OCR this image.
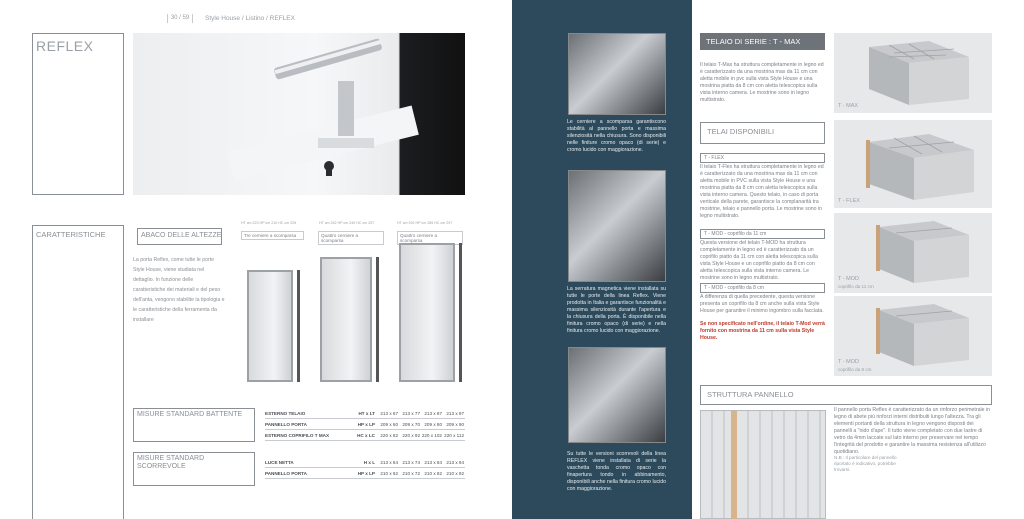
30 / 59	Style House / Listino / REFLEX
REFLEX
CARATTERISTICHE	ABACO DELLE ALTEZZE
La porta Reflex, come tutte le porte Style House, viene studiata nel dettaglio. In funzione delle caratteristiche dei materiali e del peso dell'anta, vengono stabilite la tipologia e le caratteristiche della ferramenta da installare
HT cm 223 HP cm 210 HC cm 225
Tre cerniere a scomparsa
HT cm 252 HP cm 240 HC cm 257
Quattro cerniere a scomparsa
HT cm 292 HP cm 285 HC cm 297
Quattro cerniere a scomparsa
MISURE STANDARD BATTENTE	ESTERNO TELAIO	HT x LT	213 x 67 213 x 77 213 x 87 213 x 97
PANNELLO PORTA	HP x LP	209 x 60 209 x 70 209 x 80 209 x 90
ESTERNO COPRIFILO T MAX	HC x LC	220 x 82 220 x 92 220 x 102 220 x 112
MISURE STANDARD SCORREVOLE
LUCE NETTA	H x L	213 x 64 213 x 74 213 x 84 213 x 94
PANNELLO PORTA	HP x LP	210 x 62 210 x 72 210 x 82 210 x 92
Le cerniere a scomparsa garantiscono stabilità al pannello porta e massima silenziosità nella chiusura. Sono disponibili nelle finiture cromo opaco (di serie) e cromo lucido con maggiorazione.
La serratura magnetica viene installata su tutte le porte della linea Reflex. Viene prodotta in Italia e garantisce funzionalità e massima silenziosità durante l'apertura e la chiusura della porta. È disponibile nella finitura cromo opaco (di serie) e nella finitura cromo lucido con maggiorazione.
Su tutte le versioni scorrevoli della linea REFLEX viene installata di serie la vaschetta tonda cromo opaco con finapertura tondo in abbinamento, disponibili anche nella finitura cromo lucido con maggiorazione.
TELAIO DI SERIE : T - MAX
Il telaio T-Max ha struttura completamente in legno ed è caratterizzato da una mostrina max da 11 cm con aletta mobile in pvc sulla vista Style House e una mostrina piatta da 8 cm con aletta telescopica sulla vista interno camera. Le mostrine sono in legno multistrato.
TELAI DISPONIBILI
T - FLEX
Il telaio T-Flex ha struttura completamente in legno ed è caratterizzato da una mostrina max da 11 cm con aletta mobile in PVC sulla vista Style House e una mostrina piatta da 8 cm con aletta telescopica sulla vista interno camera. Questo telaio, in caso di porta verticale della parete, garantisce la complanarità tra mostrine, telaio e pannello porta. Le mostrine sono in legno multistrato.
T - MOD - coprifilo da 11 cm
Questa versione del telaio T-MOD ha struttura completamente in legno ed è caratterizzato da un coprifilo piatto da 11 cm con aletta telescopica sulla vista Style House e un coprifilo piatto da 8 cm con aletta telescopica sulla vista interno camera. Le mostrine sono in legno multistrato.
T - MOD - coprifilo da 8 cm
A differenza di quella precedente, questa versione presenta un coprifilo da 8 cm anche sulla vista Style House per garantire il minimo ingombro sulla facciata.
Se non specificato nell'ordine, il telaio T-Mod verrà fornito con mostrina da 11 cm sulla vista Style House.
T - MAX
T - FLEX
T - MOD
coprifilo da 11 cm
T - MOD
coprifilo da 8 cm
STRUTTURA PANNELLO
Il pannello porta Reflex è caratterizzato da un rinforzo perimetrale in legno di abete più rinforzi interni distribuiti lungo l'altezza. Tra gli elementi portanti della struttura in legno vengono disposti dei pannelli a "nido d'ape". Il tutto viene completato con due lastre di vetro da 4mm laccate sul lato interno per preservare nel tempo l'integrità del prodotto e garantire la massima resistenza all'utilizzo quotidiano.
N.B.: Il particolare del pannello riportato è indicativo, potrebbe trovarsi.
